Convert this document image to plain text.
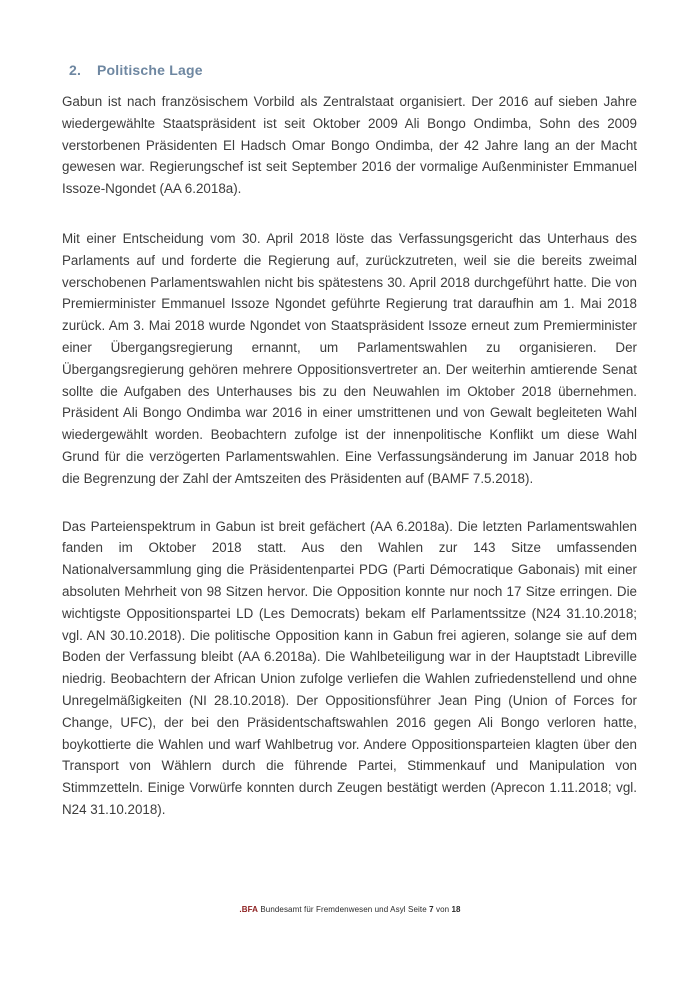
2.	Politische Lage

Gabun ist nach französischem Vorbild als Zentralstaat organisiert. Der 2016 auf sieben Jahre wiedergewählte Staatspräsident ist seit Oktober 2009 Ali Bongo Ondimba, Sohn des 2009 verstorbenen Präsidenten El Hadsch Omar Bongo Ondimba, der 42 Jahre lang an der Macht gewesen war. Regierungschef ist seit September 2016 der vormalige Außenminister Emmanuel Issoze-Ngondet (AA 6.2018a).

Mit einer Entscheidung vom 30. April 2018 löste das Verfassungsgericht das Unterhaus des Parlaments auf und forderte die Regierung auf, zurückzutreten, weil sie die bereits zweimal verschobenen Parlamentswahlen nicht bis spätestens 30. April 2018 durchgeführt hatte. Die von Premierminister Emmanuel Issoze Ngondet geführte Regierung trat daraufhin am 1. Mai 2018 zurück. Am 3. Mai 2018 wurde Ngondet von Staatspräsident Issoze erneut zum Premierminister einer Übergangsregierung ernannt, um Parlamentswahlen zu organisieren. Der Übergangsregierung gehören mehrere Oppositionsvertreter an. Der weiterhin amtierende Senat sollte die Aufgaben des Unterhauses bis zu den Neuwahlen im Oktober 2018 übernehmen. Präsident Ali Bongo Ondimba war 2016 in einer umstrittenen und von Gewalt begleiteten Wahl wiedergewählt worden. Beobachtern zufolge ist der innenpolitische Konflikt um diese Wahl Grund für die verzögerten Parlamentswahlen. Eine Verfassungsänderung im Januar 2018 hob die Begrenzung der Zahl der Amtszeiten des Präsidenten auf (BAMF 7.5.2018).

Das Parteienspektrum in Gabun ist breit gefächert (AA 6.2018a). Die letzten Parlamentswahlen fanden im Oktober 2018 statt. Aus den Wahlen zur 143 Sitze umfassenden Nationalversammlung ging die Präsidentenpartei PDG (Parti Démocratique Gabonais) mit einer absoluten Mehrheit von 98 Sitzen hervor. Die Opposition konnte nur noch 17 Sitze erringen. Die wichtigste Oppositionspartei LD (Les Democrats) bekam elf Parlamentssitze (N24 31.10.2018; vgl. AN 30.10.2018). Die politische Opposition kann in Gabun frei agieren, solange sie auf dem Boden der Verfassung bleibt (AA 6.2018a). Die Wahlbeteiligung war in der Hauptstadt Libreville niedrig. Beobachtern der African Union zufolge verliefen die Wahlen zufriedenstellend und ohne Unregelmäßigkeiten (NI 28.10.2018). Der Oppositionsführer Jean Ping (Union of Forces for Change, UFC), der bei den Präsidentschaftswahlen 2016 gegen Ali Bongo verloren hatte, boykottierte die Wahlen und warf Wahlbetrug vor. Andere Oppositionsparteien klagten über den Transport von Wählern durch die führende Partei, Stimmenkauf und Manipulation von Stimmzetteln. Einige Vorwürfe konnten durch Zeugen bestätigt werden (Aprecon 1.11.2018; vgl. N24 31.10.2018).

.BFA Bundesamt für Fremdenwesen und Asyl Seite 7 von 18
